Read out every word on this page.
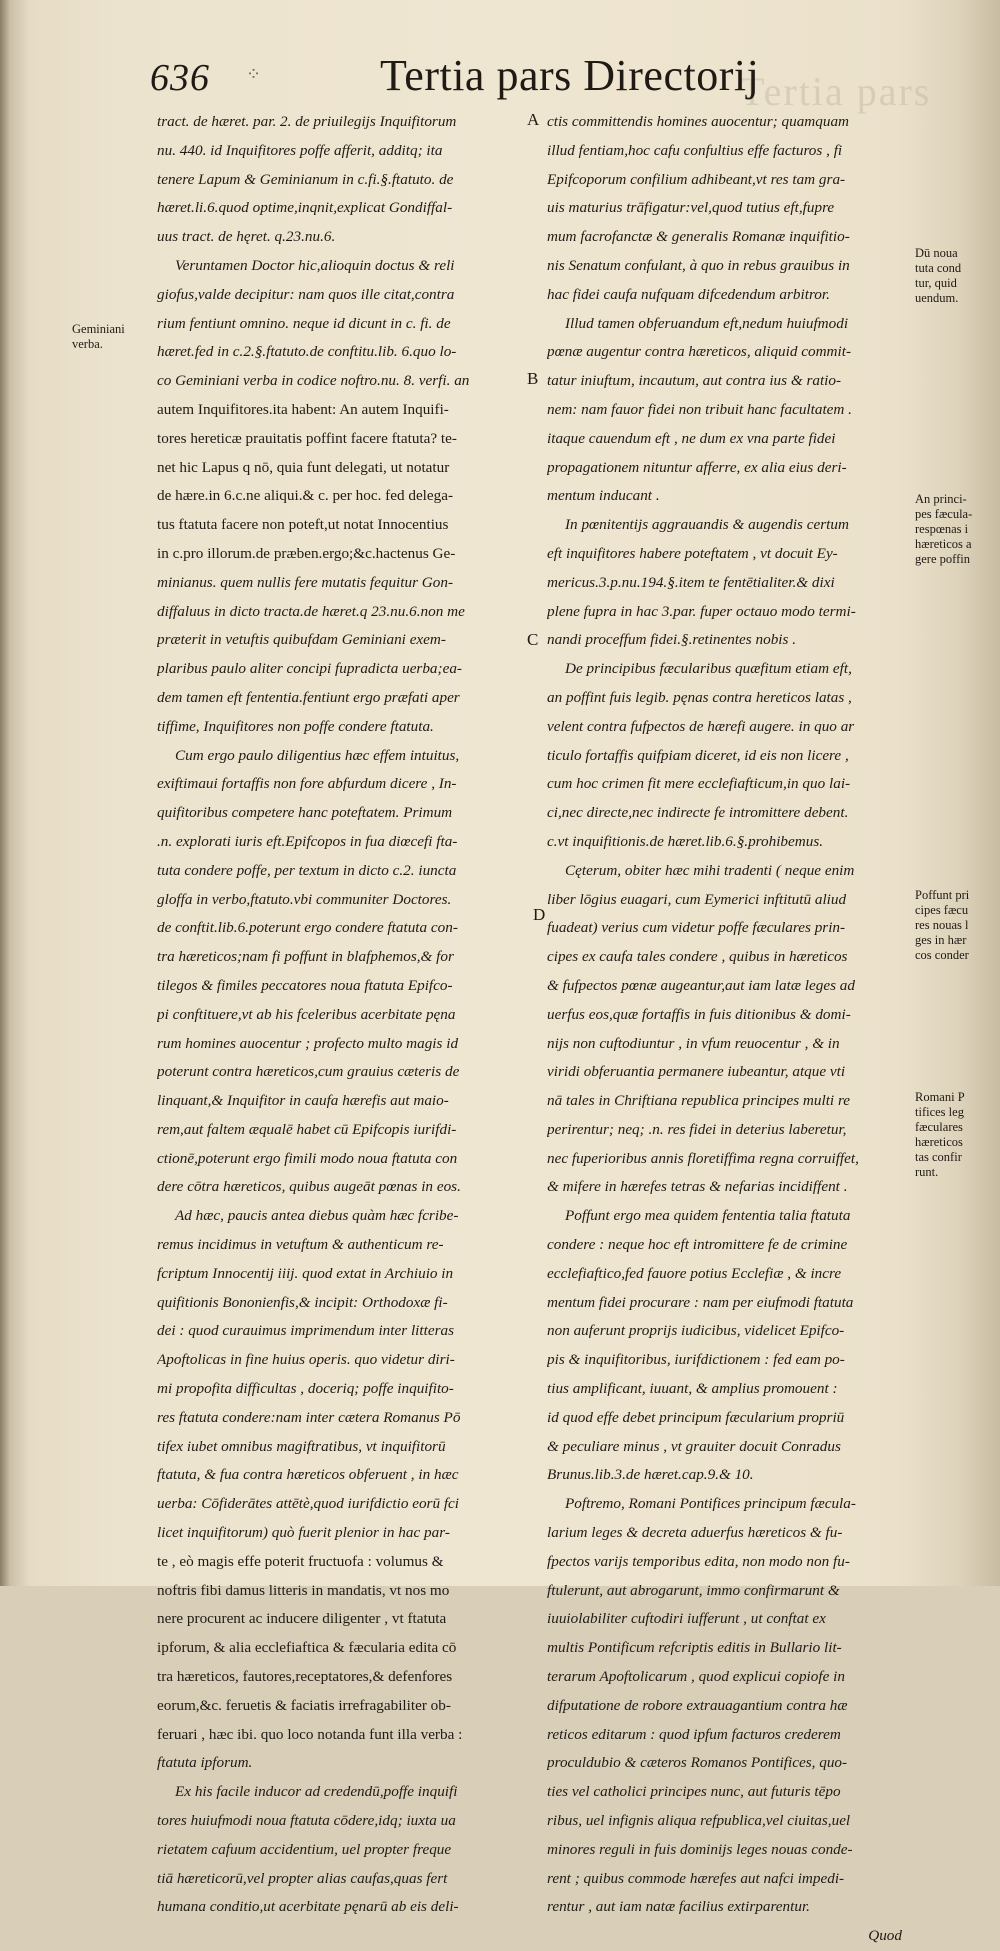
Tertia pars
636 ⁘	Tertia pars Directorij
A
B
C
D
Geminiani
verba.
Dū noua
tuta cond
tur, quid
uendum.
An princi-
pes fæcula-
respœnas i
hæreticos a
gere poffin
Poffunt pri
cipes fæcu
res nouas l
ges in hær
cos conder
Romani P
tifices leg
fæculares
hæreticos
tas confir
runt.
tract. de hæret. par. 2. de priuilegijs Inquifitorum
nu. 440. id Inquifitores poffe afferit, additq; ita
tenere Lapum & Geminianum in c.fi.§.ftatuto. de
hæret.li.6.quod optime,inqnit,explicat Gondiffal-
uus tract. de hęret. q.23.nu.6.
Veruntamen Doctor hic,alioquin doctus & reli
giofus,valde decipitur: nam quos ille citat,contra
rium fentiunt omnino. neque id dicunt in c. fi. de
hæret.fed in c.2.§.ftatuto.de conftitu.lib. 6.quo lo-
co Geminiani verba in codice noftro.nu. 8. verfi. an
autem Inquifitores.ita habent: An autem Inquifi-
tores hereticæ prauitatis poffint facere ftatuta? te-
net hic Lapus q nō, quia funt delegati, ut notatur
de hære.in 6.c.ne aliqui.& c. per hoc. fed delega-
tus ftatuta facere non poteft,ut notat Innocentius
in c.pro illorum.de præben.ergo;&c.hactenus Ge-
minianus. quem nullis fere mutatis fequitur Gon-
diffaluus in dicto tracta.de hæret.q 23.nu.6.non me
præterit in vetuftis quibufdam Geminiani exem-
plaribus paulo aliter concipi fupradicta uerba;ea-
dem tamen eft fententia.fentiunt ergo præfati aper
tiffime, Inquifitores non poffe condere ftatuta.
Cum ergo paulo diligentius hæc effem intuitus,
exiftimaui fortaffis non fore abfurdum dicere , In-
quifitoribus competere hanc poteftatem. Primum
.n. explorati iuris eft.Epifcopos in fua diœcefi fta-
tuta condere poffe, per textum in dicto c.2. iuncta
gloffa in verbo,ftatuto.vbi communiter Doctores.
de conftit.lib.6.poterunt ergo condere ftatuta con-
tra hæreticos;nam fi poffunt in blafphemos,& for
tilegos & fimiles peccatores noua ftatuta Epifco-
pi conftituere,vt ab his fceleribus acerbitate pęna
rum homines auocentur ; profecto multo magis id
poterunt contra hæreticos,cum grauius cæteris de
linquant,& Inquifitor in caufa hærefis aut maio-
rem,aut faltem æqualē habet cū Epifcopis iurifdi-
ctionē,poterunt ergo fimili modo noua ftatuta con
dere cōtra hæreticos, quibus augeāt pœnas in eos.
Ad hæc, paucis antea diebus quàm hæc fcribe-
remus incidimus in vetuftum & authenticum re-
fcriptum Innocentij iiij. quod extat in Archiuio in
quifitionis Bononienfis,& incipit: Orthodoxæ fi-
dei : quod curauimus imprimendum inter litteras
Apoftolicas in fine huius operis. quo videtur diri-
mi propofita difficultas , doceriq; poffe inquifito-
res ftatuta condere:nam inter cætera Romanus Pō
tifex iubet omnibus magiftratibus, vt inquifitorū
ftatuta, & fua contra hæreticos obferuent , in hæc
uerba: Cōfiderātes attētè,quod iurifdictio eorū fci
licet inquifitorum) quò fuerit plenior in hac par-
te , eò magis effe poterit fructuofa : volumus &
noftris fibi damus litteris in mandatis, vt nos mo
nere procurent ac inducere diligenter , vt ftatuta
ipforum, & alia ecclefiaftica & fæcularia edita cō
tra hæreticos, fautores,receptatores,& defenfores
eorum,&c. feruetis & faciatis irrefragabiliter ob-
feruari , hæc ibi. quo loco notanda funt illa verba :
ftatuta ipforum.
Ex his facile inducor ad credendū,poffe inquifi
tores huiufmodi noua ftatuta cōdere,idq; iuxta ua
rietatem cafuum accidentium, uel propter freque
tiā hæreticorū,vel propter alias caufas,quas fert
humana conditio,ut acerbitate pęnarū ab eis deli-
ctis committendis homines auocentur; quamquam
illud fentiam,hoc cafu confultius effe facturos , fi
Epifcoporum confilium adhibeant,vt res tam gra-
uis maturius trāfigatur:vel,quod tutius eft,fupre
mum facrofanctæ & generalis Romanæ inquifitio-
nis Senatum confulant, à quo in rebus grauibus in
hac fidei caufa nufquam difcedendum arbitror.
Illud tamen obferuandum eft,nedum huiufmodi
pœnæ augentur contra hæreticos, aliquid commit-
tatur iniuftum, incautum, aut contra ius & ratio-
nem: nam fauor fidei non tribuit hanc facultatem .
itaque cauendum eft , ne dum ex vna parte fidei
propagationem nituntur afferre, ex alia eius deri-
mentum inducant .
In pœnitentijs aggrauandis & augendis certum
eft inquifitores habere poteftatem , vt docuit Ey-
mericus.3.p.nu.194.§.item te fentētialiter.& dixi
plene fupra in hac 3.par. fuper octauo modo termi-
nandi proceffum fidei.§.retinentes nobis .
De principibus fæcularibus quæfitum etiam eft,
an poffint fuis legib. pęnas contra hereticos latas ,
velent contra fufpectos de hærefi augere. in quo ar
ticulo fortaffis quifpiam diceret, id eis non licere ,
cum hoc crimen fit mere ecclefiafticum,in quo lai-
ci,nec directe,nec indirecte fe intromittere debent.
c.vt inquifitionis.de hæret.lib.6.§.prohibemus.
Cęterum, obiter hæc mihi tradenti ( neque enim
liber lōgius euagari, cum Eymerici inftitutū aliud
fuadeat) verius cum videtur poffe fæculares prin-
cipes ex caufa tales condere , quibus in hæreticos
& fufpectos pœnæ augeantur,aut iam latæ leges ad
uerfus eos,quæ fortaffis in fuis ditionibus & domi-
nijs non cuftodiuntur , in vfum reuocentur , & in
viridi obferuantia permanere iubeantur, atque vti
nā tales in Chriftiana republica principes multi re
perirentur; neq; .n. res fidei in deterius laberetur,
nec fuperioribus annis floretiffima regna corruiffet,
& mifere in hærefes tetras & nefarias incidiffent .
Poffunt ergo mea quidem fententia talia ftatuta
condere : neque hoc eft intromittere fe de crimine
ecclefiaftico,fed fauore potius Ecclefiæ , & incre
mentum fidei procurare : nam per eiufmodi ftatuta
non auferunt proprijs iudicibus, videlicet Epifco-
pis & inquifitoribus, iurifdictionem : fed eam po-
tius amplificant, iuuant, & amplius promouent :
id quod effe debet principum fæcularium propriū
& peculiare minus , vt grauiter docuit Conradus
Brunus.lib.3.de hæret.cap.9.& 10.
Poftremo, Romani Pontifices principum fæcula-
larium leges & decreta aduerfus hæreticos & fu-
fpectos varijs temporibus edita, non modo non fu-
ftulerunt, aut abrogarunt, immo confirmarunt &
iuuiolabiliter cuftodiri iufferunt , ut conftat ex
multis Pontificum refcriptis editis in Bullario lit-
terarum Apoftolicarum , quod explicui copiofe in
difputatione de robore extrauagantium contra hæ
reticos editarum : quod ipfum facturos crederem
proculdubio & cæteros Romanos Pontifices, quo-
ties vel catholici principes nunc, aut futuris tēpo
ribus, uel infignis aliqua refpublica,vel ciuitas,uel
minores reguli in fuis dominijs leges nouas conde-
rent ; quibus commode hærefes aut nafci impedi-
rentur , aut iam natæ facilius extirparentur.
Quod
